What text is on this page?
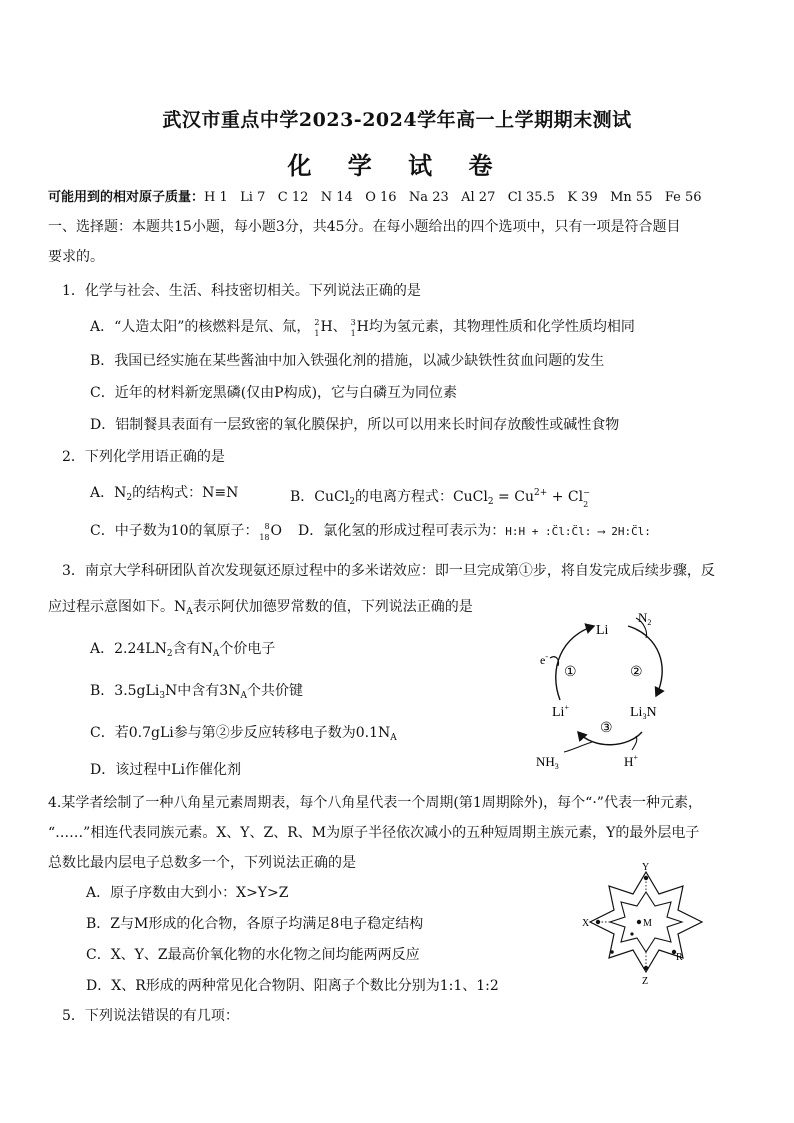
武汉市重点中学2023-2024学年高一上学期期末测试
化 学 试 卷
可能用到的相对原子质量：H 1   Li 7   C 12   N 14   O 16   Na 23   Al 27   Cl 35.5   K 39   Mn 55   Fe 56
一、选择题：本题共15小题，每小题3分，共45分。在每小题给出的四个选项中，只有一项是符合题目
要求的。
1．化学与社会、生活、科技密切相关。下列说法正确的是
A．“人造太阳”的核燃料是氘、氚， 2
1 H、 3
1 H均为氢元素，其物理性质和化学性质均相同
B．我国已经实施在某些酱油中加入铁强化剂的措施，以减少缺铁性贫血问题的发生
C．近年的材料新宠黑磷(仅由P构成)，它与白磷互为同位素
D．铝制餐具表面有一层致密的氧化膜保护，所以可以用来长时间存放酸性或碱性食物
2．下列化学用语正确的是
A．$N_2$的结构式：N≡N	B．CuCl$_2$的电离方程式：CuCl$_2$ = $Cu^{2+} + Cl$ −
2
C．中子数为10的氧原子： 8
18 O D．氯化氢的形成过程可表示为：H:H + :C̈l:C̈l: ⟶ 2H:C̈l:
3．南京大学科研团队首次发现氨还原过程中的多米诺效应：即一旦完成第①步，将自发完成后续步骤，反
应过程示意图如下。$N_A$表示阿伏加德罗常数的值，下列说法正确的是
A．$2.24LN_2$含有$N_A$个价电子
B．3.5gLi$_3$N中含有$3N_A$个共价键
C．若0.7gLi参与第②步反应转移电子数为$0.1N_A$
D．该过程中Li作催化剂
Li
$N_2$
Li+	$Li_3N$
e-
$NH_3$	H+
①	②
③
4.某学者绘制了一种八角星元素周期表，每个八角星代表一个周期(第1周期除外)，每个“·”代表一种元素，
“……”相连代表同族元素。X、Y、Z、R、M为原子半径依次减小的五种短周期主族元素，Y的最外层电子
总数比最内层电子总数多一个，下列说法正确的是
A．原子序数由大到小：X>Y>Z
B．Z与M形成的化合物，各原子均满足8电子稳定结构
C．X、Y、Z最高价氧化物的水化物之间均能两两反应
D．X、R形成的两种常见化合物阴、阳离子个数比分别为1:1、1:2
Y
X	M
R
Z
5．下列说法错误的有几项：
